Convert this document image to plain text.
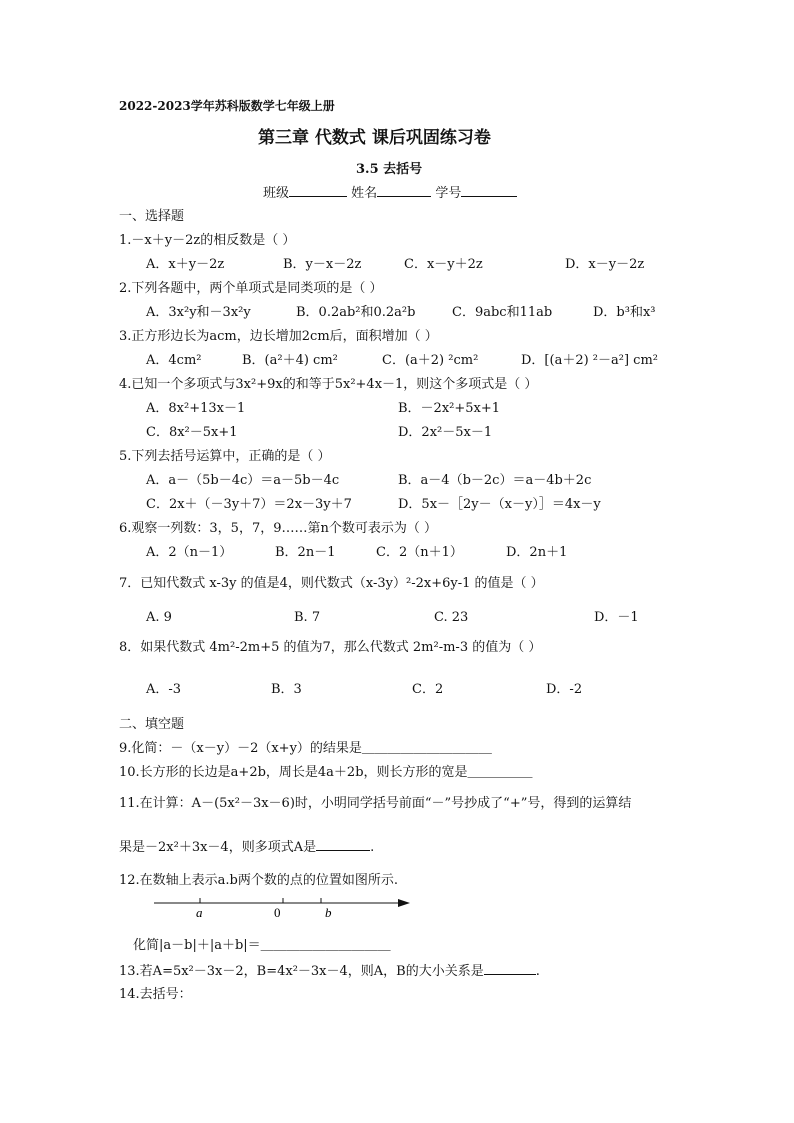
2022-2023学年苏科版数学七年级上册
第三章 代数式 课后巩固练习卷
3.5 去括号
班级	姓名	学号
一、选择题
1.－x＋y－2z的相反数是（ ）
A．x＋y－2z	B．y－x－2z	C．x－y＋2z	D．x－y－2z
2.下列各题中，两个单项式是同类项的是（ ）
A．3x²y和－3x²y	B．0.2ab²和0.2a²b	C．9abc和11ab	D．b³和x³
3.正方形边长为acm，边长增加2cm后，面积增加（ ）
A．4cm²	B．(a²＋4) cm²	C．(a＋2) ²cm²	D．[(a＋2) ²－a²] cm²
4.已知一个多项式与3x²+9x的和等于5x²+4x－1，则这个多项式是（ ）
A．8x²+13x－1	B．－2x²+5x+1
C．8x²－5x+1	D．2x²－5x－1
5.下列去括号运算中，正确的是（ ）
A．a－（5b－4c）＝a－5b－4c	B．a－4（b－2c）＝a－4b＋2c
C．2x＋（－3y＋7）＝2x－3y＋7	D．5x－［2y－（x－y）］＝4x－y
6.观察一列数：3，5，7，9……第n个数可表示为（ ）
A．2（n－1）	B．2n－1	C．2（n＋1）	D．2n＋1
7．已知代数式 x-3y 的值是4，则代数式（x-3y）²-2x+6y-1 的值是（ ）
A. 9	B. 7	C. 23	D．－1
8．如果代数式 4m²-2m+5 的值为7，那么代数式 2m²-m-3 的值为（ ）
A．-3	B．3	C．2	D．-2
二、填空题
9.化简：－（x－y）－2（x+y）的结果是＿＿＿＿＿＿＿＿＿＿
10.长方形的长边是a+2b，周长是4a＋2b，则长方形的宽是＿＿＿＿＿
11.在计算：A－(5x²－3x－6)时，小明同学括号前面“－”号抄成了“+”号，得到的运算结
果是－2x²＋3x－4，则多项式A是	.
12.在数轴上表示a.b两个数的点的位置如图所示.
a	0	b
化简|a－b|＋|a＋b|＝＿＿＿＿＿＿＿＿＿＿
13.若A=5x²－3x－2，B=4x²－3x－4，则A，B的大小关系是	.
14.去括号：
